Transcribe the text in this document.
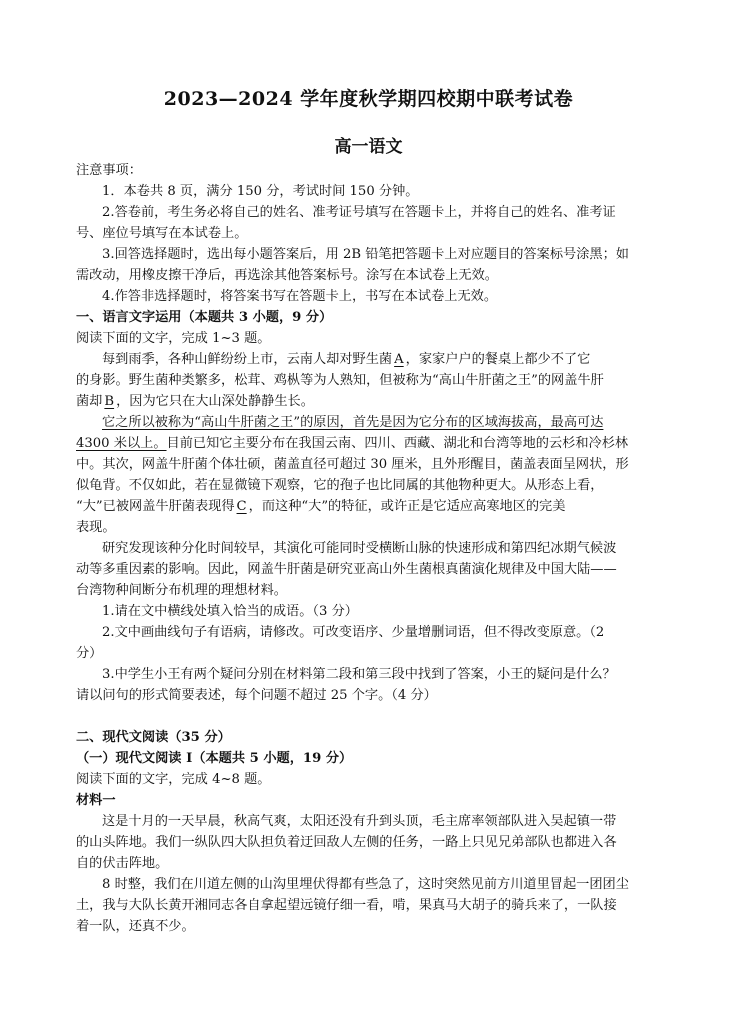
2023—2024 学年度秋学期四校期中联考试卷
高一语文
注意事项：
1．本卷共 8 页，满分 150 分，考试时间 150 分钟。
2.答卷前，考生务必将自己的姓名、准考证号填写在答题卡上，并将自己的姓名、准考证
号、座位号填写在本试卷上。
3.回答选择题时，选出每小题答案后，用 2B 铅笔把答题卡上对应题目的答案标号涂黑；如
需改动，用橡皮擦干净后，再选涂其他答案标号。涂写在本试卷上无效。
4.作答非选择题时，将答案书写在答题卡上，书写在本试卷上无效。
一、语言文字运用（本题共 3 小题，9 分）
阅读下面的文字，完成 1~3 题。
每到雨季，各种山鲜纷纷上市，云南人却对野生菌A，家家户户的餐桌上都少不了它
的身影。野生菌种类繁多，松茸、鸡枞等为人熟知，但被称为“高山牛肝菌之王”的网盖牛肝
菌却B，因为它只在大山深处静静生长。
它之所以被称为“高山牛肝菌之王”的原因，首先是因为它分布的区域海拔高，最高可达
4300 米以上。目前已知它主要分布在我国云南、四川、西藏、湖北和台湾等地的云杉和冷杉林
中。其次，网盖牛肝菌个体壮硕，菌盖直径可超过 30 厘米，且外形醒目，菌盖表面呈网状，形
似龟背。不仅如此，若在显微镜下观察，它的孢子也比同属的其他物种更大。从形态上看，
“大”已被网盖牛肝菌表现得C，而这种“大”的特征，或许正是它适应高寒地区的完美
表现。
研究发现该种分化时间较早，其演化可能同时受横断山脉的快速形成和第四纪冰期气候波
动等多重因素的影响。因此，网盖牛肝菌是研究亚高山外生菌根真菌演化规律及中国大陆——
台湾物种间断分布机理的理想材料。
1.请在文中横线处填入恰当的成语。（3 分）
2.文中画曲线句子有语病，请修改。可改变语序、少量增删词语，但不得改变原意。（2
分）
3.中学生小王有两个疑问分别在材料第二段和第三段中找到了答案，小王的疑问是什么？
请以问句的形式简要表述，每个问题不超过 25 个字。（4 分）
二、现代文阅读（35 分）
（一）现代文阅读 I（本题共 5 小题，19 分）
阅读下面的文字，完成 4~8 题。
材料一
这是十月的一天早晨，秋高气爽，太阳还没有升到头顶，毛主席率领部队进入吴起镇一带
的山头阵地。我们一纵队四大队担负着迂回敌人左侧的任务，一路上只见兄弟部队也都进入各
自的伏击阵地。
8 时整，我们在川道左侧的山沟里埋伏得都有些急了，这时突然见前方川道里冒起一团团尘
土，我与大队长黄开湘同志各自拿起望远镜仔细一看，啃，果真马大胡子的骑兵来了，一队接
着一队，还真不少。
